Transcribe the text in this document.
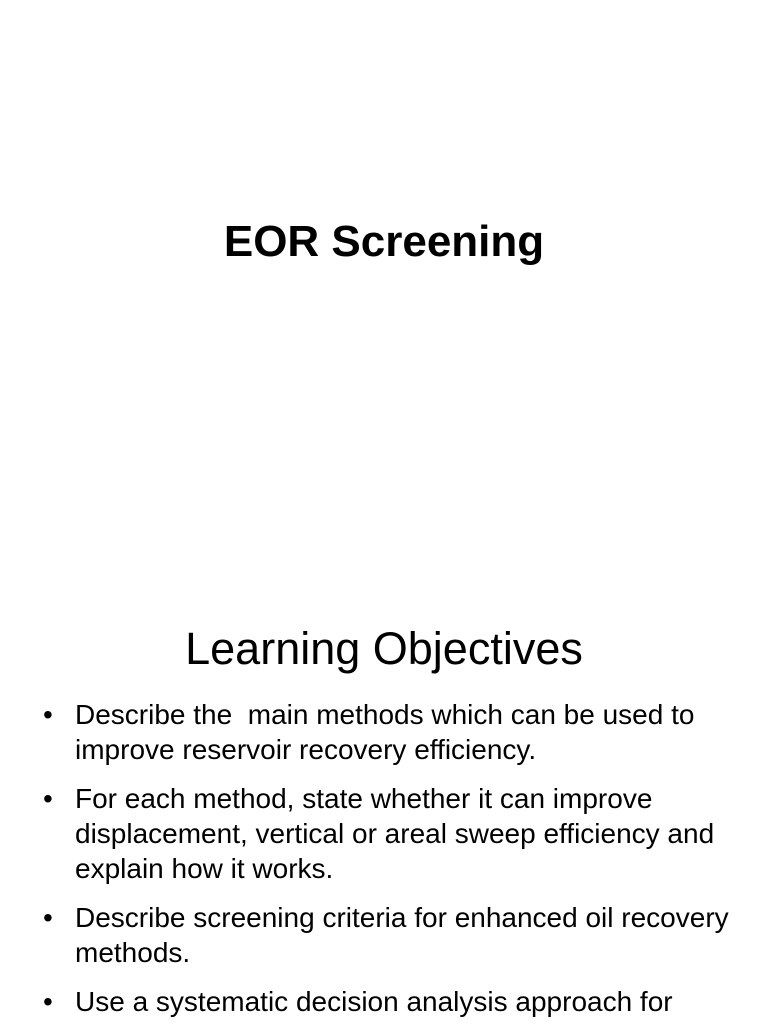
EOR Screening
Learning Objectives
• Describe the  main methods which can be used to improve reservoir recovery efficiency.
• For each method, state whether it can improve displacement, vertical or areal sweep efficiency and explain how it works.
• Describe screening criteria for enhanced oil recovery methods.
• Use a systematic decision analysis approach for
